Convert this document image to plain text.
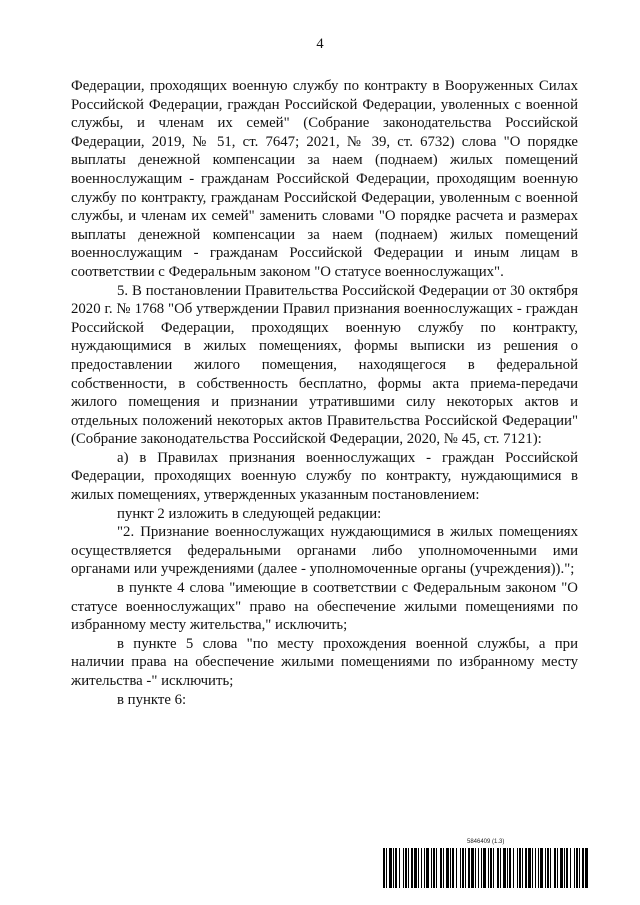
4

Федерации, проходящих военную службу по контракту в Вооруженных Силах Российской Федерации, граждан Российской Федерации, уволенных с военной службы, и членам их семей" (Собрание законодательства Российской Федерации, 2019, № 51, ст. 7647; 2021, № 39, ст. 6732) слова "О порядке выплаты денежной компенсации за наем (поднаем) жилых помещений военнослужащим - гражданам Российской Федерации, проходящим военную службу по контракту, гражданам Российской Федерации, уволенным с военной службы, и членам их семей" заменить словами "О порядке расчета и размерах выплаты денежной компенсации за наем (поднаем) жилых помещений военнослужащим - гражданам Российской Федерации и иным лицам в соответствии с Федеральным законом "О статусе военнослужащих".

5. В постановлении Правительства Российской Федерации от 30 октября 2020 г. № 1768 "Об утверждении Правил признания военнослужащих - граждан Российской Федерации, проходящих военную службу по контракту, нуждающимися в жилых помещениях, формы выписки из решения о предоставлении жилого помещения, находящегося в федеральной собственности, в собственность бесплатно, формы акта приема-передачи жилого помещения и признании утратившими силу некоторых актов и отдельных положений некоторых актов Правительства Российской Федерации" (Собрание законодательства Российской Федерации, 2020, № 45, ст. 7121):

а) в Правилах признания военнослужащих - граждан Российской Федерации, проходящих военную службу по контракту, нуждающимися в жилых помещениях, утвержденных указанным постановлением:

пункт 2 изложить в следующей редакции:

"2. Признание военнослужащих нуждающимися в жилых помещениях осуществляется федеральными органами либо уполномоченными ими органами или учреждениями (далее - уполномоченные органы (учреждения)).";

в пункте 4 слова "имеющие в соответствии с Федеральным законом "О статусе военнослужащих" право на обеспечение жилыми помещениями по избранному месту жительства," исключить;

в пункте 5 слова "по месту прохождения военной службы, а при наличии права на обеспечение жилыми помещениями по избранному месту жительства -" исключить;

в пункте 6:

5846409 (1.3)
